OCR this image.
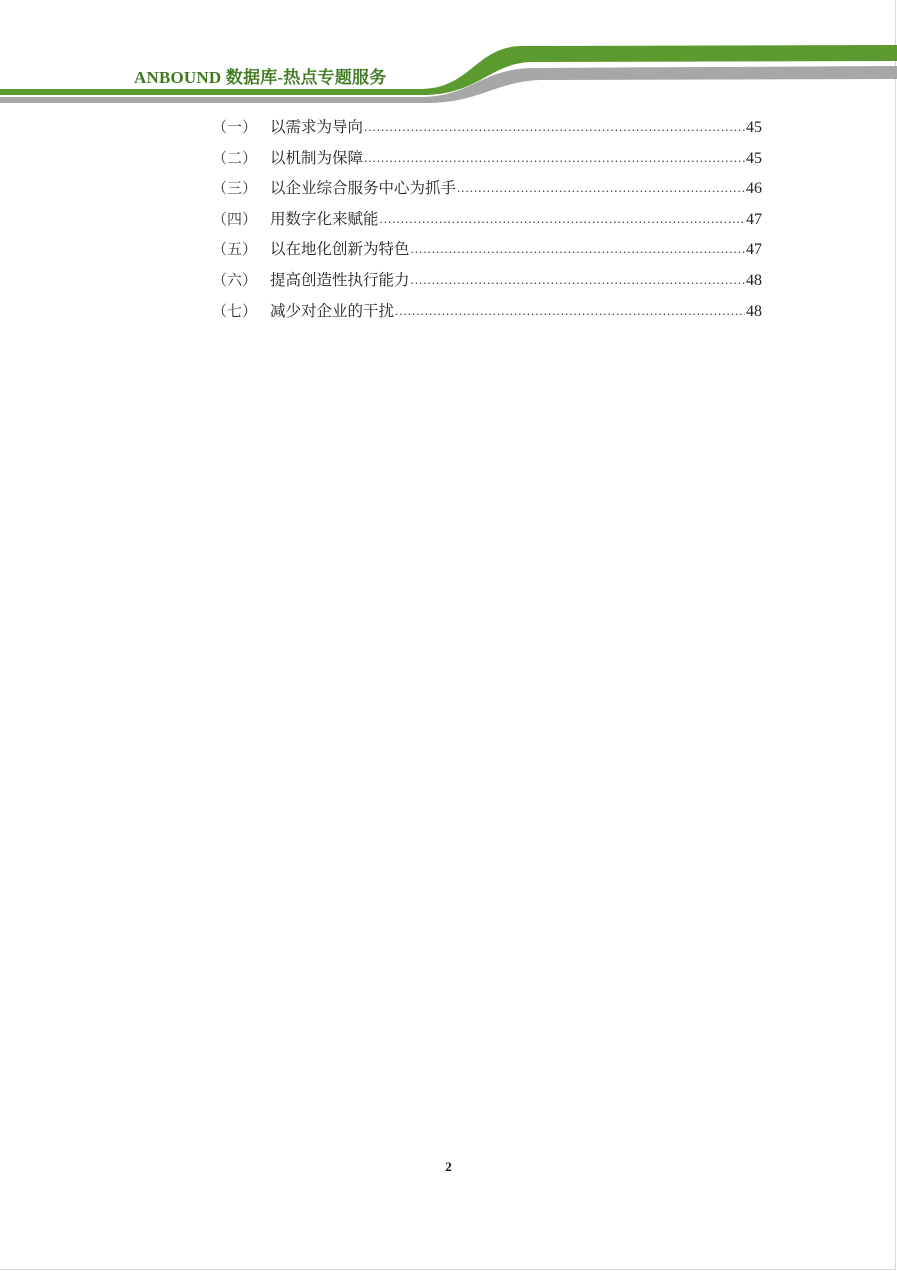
ANBOUND 数据库-热点专题服务
（一） 以需求为导向 .....	45
（二） 以机制为保障 .....	45
（三） 以企业综合服务中心为抓手 .....	46
（四） 用数字化来赋能 .....	47
（五） 以在地化创新为特色 .....	47
（六） 提高创造性执行能力 .....	48
（七） 减少对企业的干扰 .....	48
2
